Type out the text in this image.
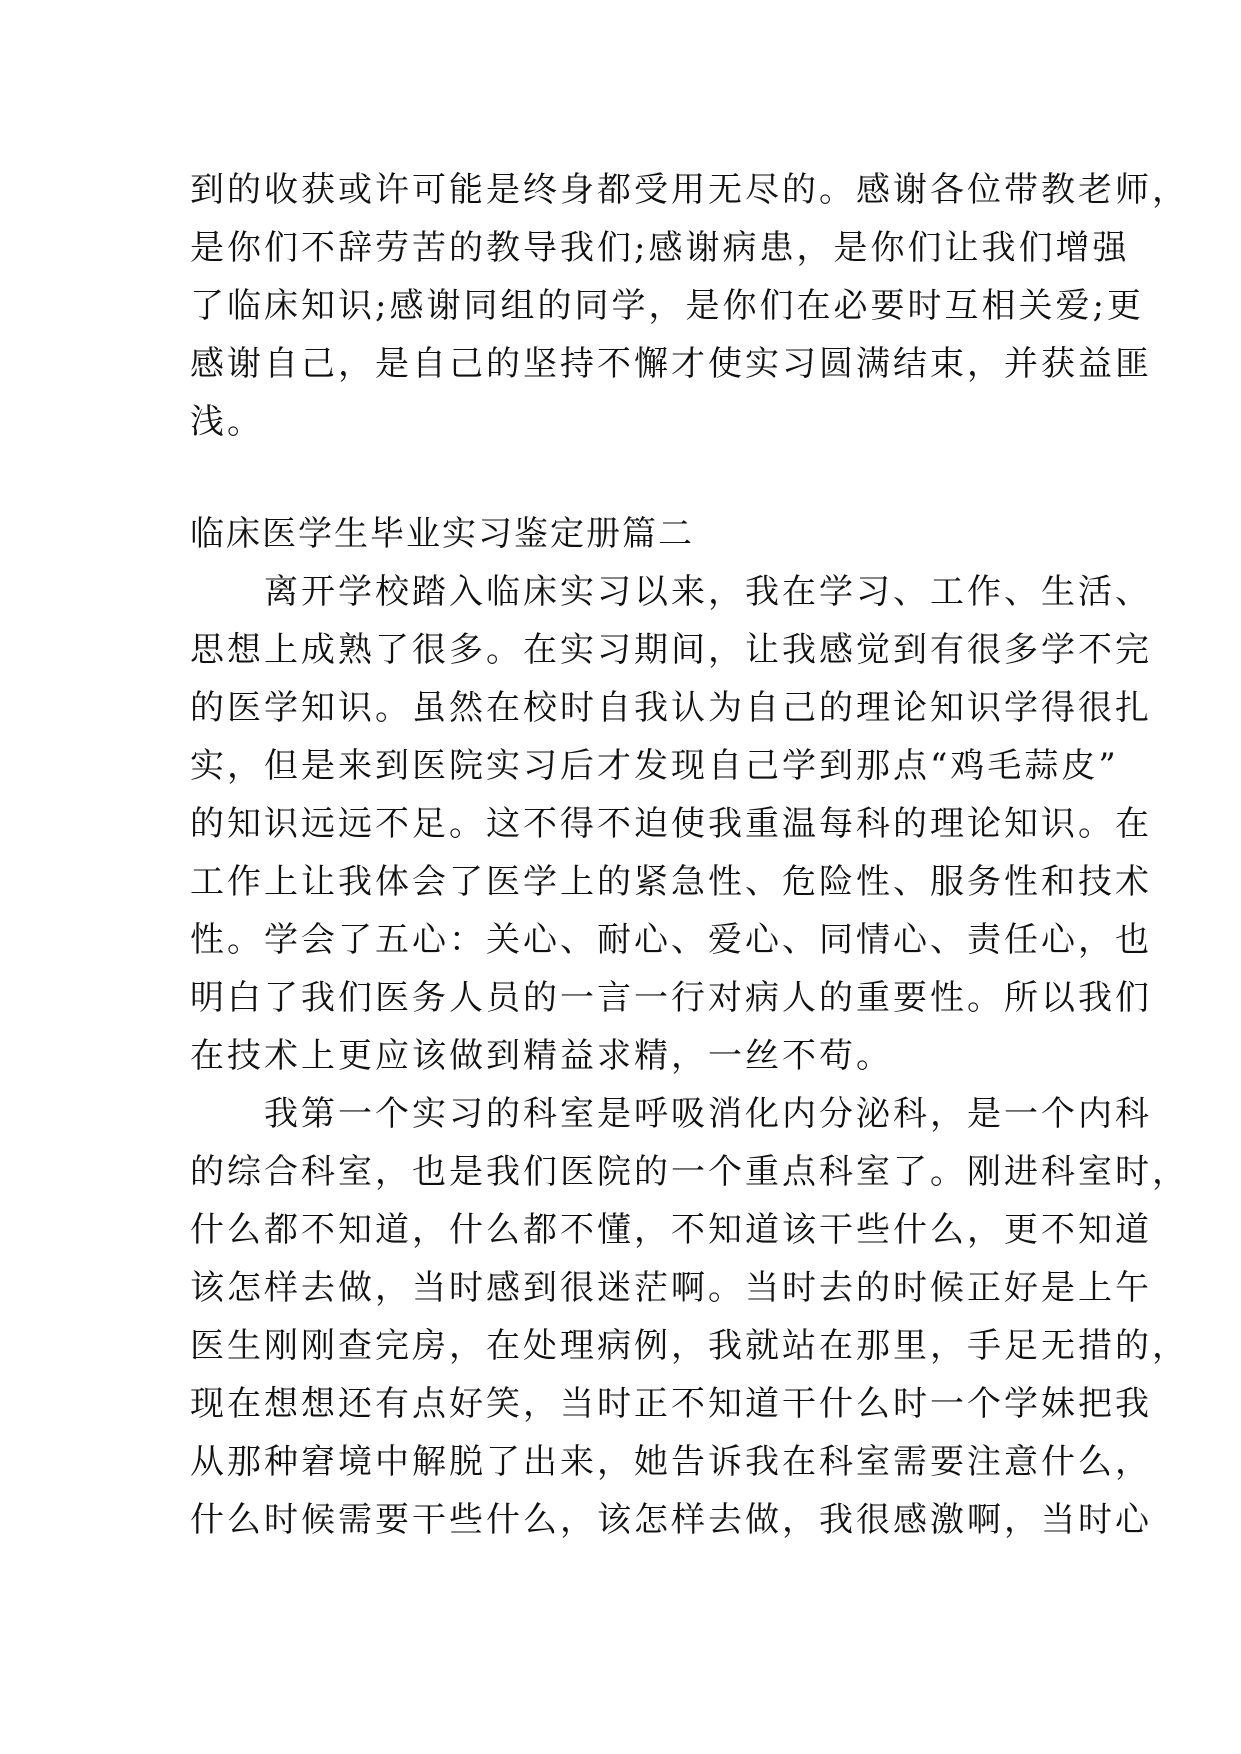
到的收获或许可能是终身都受用无尽的。感谢各位带教老师，
是你们不辞劳苦的教导我们;感谢病患，是你们让我们增强
了临床知识;感谢同组的同学，是你们在必要时互相关爱;更
感谢自己，是自己的坚持不懈才使实习圆满结束，并获益匪
浅。
临床医学生毕业实习鉴定册篇二
　　离开学校踏入临床实习以来，我在学习、工作、生活、
思想上成熟了很多。在实习期间，让我感觉到有很多学不完
的医学知识。虽然在校时自我认为自己的理论知识学得很扎
实，但是来到医院实习后才发现自己学到那点“鸡毛蒜皮”
的知识远远不足。这不得不迫使我重温每科的理论知识。在
工作上让我体会了医学上的紧急性、危险性、服务性和技术
性。学会了五心：关心、耐心、爱心、同情心、责任心，也
明白了我们医务人员的一言一行对病人的重要性。所以我们
在技术上更应该做到精益求精，一丝不苟。
　　我第一个实习的科室是呼吸消化内分泌科，是一个内科
的综合科室，也是我们医院的一个重点科室了。刚进科室时，
什么都不知道，什么都不懂，不知道该干些什么，更不知道
该怎样去做，当时感到很迷茫啊。当时去的时候正好是上午
医生刚刚查完房，在处理病例，我就站在那里，手足无措的，
现在想想还有点好笑，当时正不知道干什么时一个学妹把我
从那种窘境中解脱了出来，她告诉我在科室需要注意什么，
什么时候需要干些什么，该怎样去做，我很感激啊，当时心
